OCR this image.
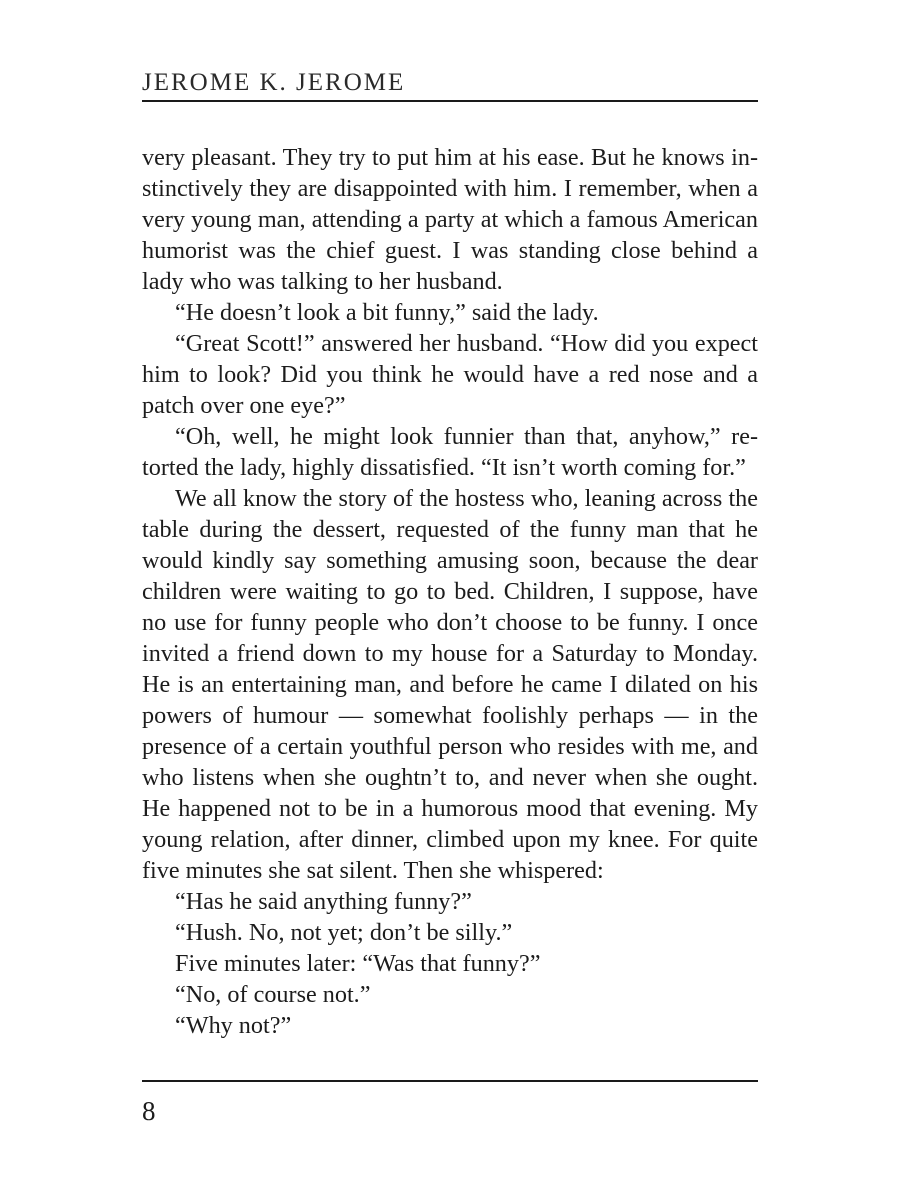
JEROME K. JEROME

very pleasant. They try to put him at his ease. But he knows instinctively they are disappointed with him. I remember, when a very young man, attending a party at which a famous American humorist was the chief guest. I was standing close behind a lady who was talking to her husband.

“He doesn’t look a bit funny,” said the lady.

“Great Scott!” answered her husband. “How did you expect him to look? Did you think he would have a red nose and a patch over one eye?”

“Oh, well, he might look funnier than that, anyhow,” retorted the lady, highly dissatisfied. “It isn’t worth coming for.”

We all know the story of the hostess who, leaning across the table during the dessert, requested of the funny man that he would kindly say something amusing soon, because the dear children were waiting to go to bed. Children, I suppose, have no use for funny people who don’t choose to be funny. I once invited a friend down to my house for a Saturday to Monday. He is an entertaining man, and before he came I dilated on his powers of humour — somewhat foolishly perhaps — in the presence of a certain youthful person who resides with me, and who listens when she oughtn’t to, and never when she ought. He happened not to be in a humorous mood that evening. My young relation, after dinner, climbed upon my knee. For quite five minutes she sat silent. Then she whispered:

“Has he said anything funny?”

“Hush. No, not yet; don’t be silly.”

Five minutes later: “Was that funny?”

“No, of course not.”

“Why not?”

8
